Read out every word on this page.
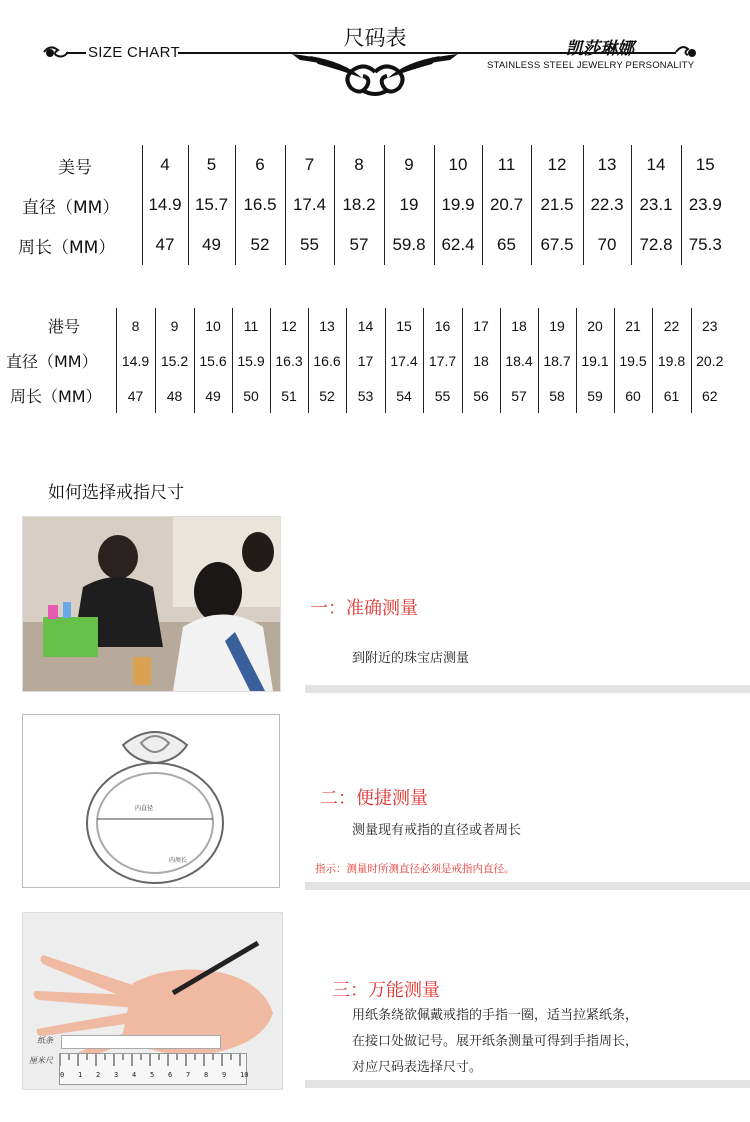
尺码表
SIZE CHART	凯莎琳娜
STAINLESS STEEL JEWELRY PERSONALITY
美号	4	5	6	7	8	9	10	11	12	13	14	15
直径（MM）	14.9	15.7	16.5	17.4	18.2	19	19.9	20.7	21.5	22.3	23.1	23.9
周长（MM）	47	49	52	55	57	59.8	62.4	65	67.5	70	72.8	75.3
港号	8	9	10	11	12	13	14	15	16	17	18	19	20	21	22	23
直径（MM）	14.9	15.2	15.6	15.9	16.3	16.6	17	17.4	17.7	18	18.4	18.7	19.1	19.5	19.8	20.2
周长（MM）	47	48	49	50	51	52	53	54	55	56	57	58	59	60	61	62
如何选择戒指尺寸
一：准确测量
到附近的珠宝店测量
内直径
内周长
二：便捷测量
测量现有戒指的直径或者周长
指示：测量时所测直径必须是戒指内直径。
纸条
厘米尺
0	1	2	3	4	5	6	7	8	9	10
三：万能测量
用纸条绕欲佩戴戒指的手指一圈，适当拉紧纸条，
在接口处做记号。展开纸条测量可得到手指周长，
对应尺码表选择尺寸。
